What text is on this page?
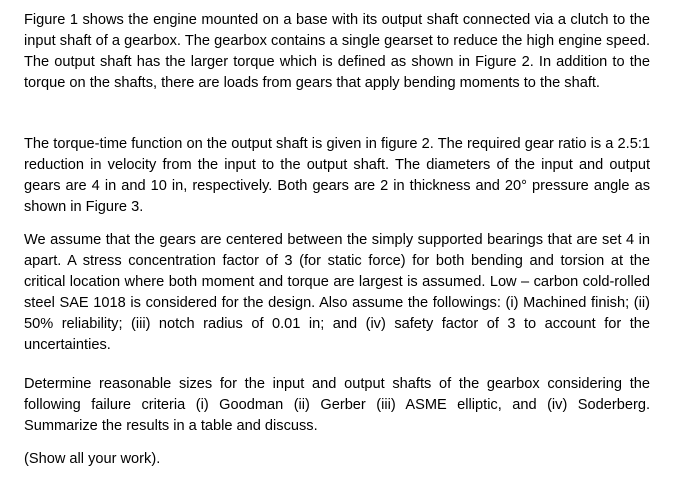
Figure 1 shows the engine mounted on a base with its output shaft connected via a clutch to the input shaft of a gearbox. The gearbox contains a single gearset to reduce the high engine speed. The output shaft has the larger torque which is defined as shown in Figure 2. In addition to the torque on the shafts, there are loads from gears that apply bending moments to the shaft.

The torque-time function on the output shaft is given in figure 2. The required gear ratio is a 2.5:1 reduction in velocity from the input to the output shaft. The diameters of the input and output gears are 4 in and 10 in, respectively. Both gears are 2 in thickness and 20° pressure angle as shown in Figure 3.

We assume that the gears are centered between the simply supported bearings that are set 4 in apart. A stress concentration factor of 3 (for static force) for both bending and torsion at the critical location where both moment and torque are largest is assumed. Low – carbon cold-rolled steel SAE 1018 is considered for the design. Also assume the followings: (i) Machined finish; (ii) 50% reliability; (iii) notch radius of 0.01 in; and (iv) safety factor of 3 to account for the uncertainties.

Determine reasonable sizes for the input and output shafts of the gearbox considering the following failure criteria (i) Goodman (ii) Gerber (iii) ASME elliptic, and (iv) Soderberg. Summarize the results in a table and discuss.

(Show all your work).
